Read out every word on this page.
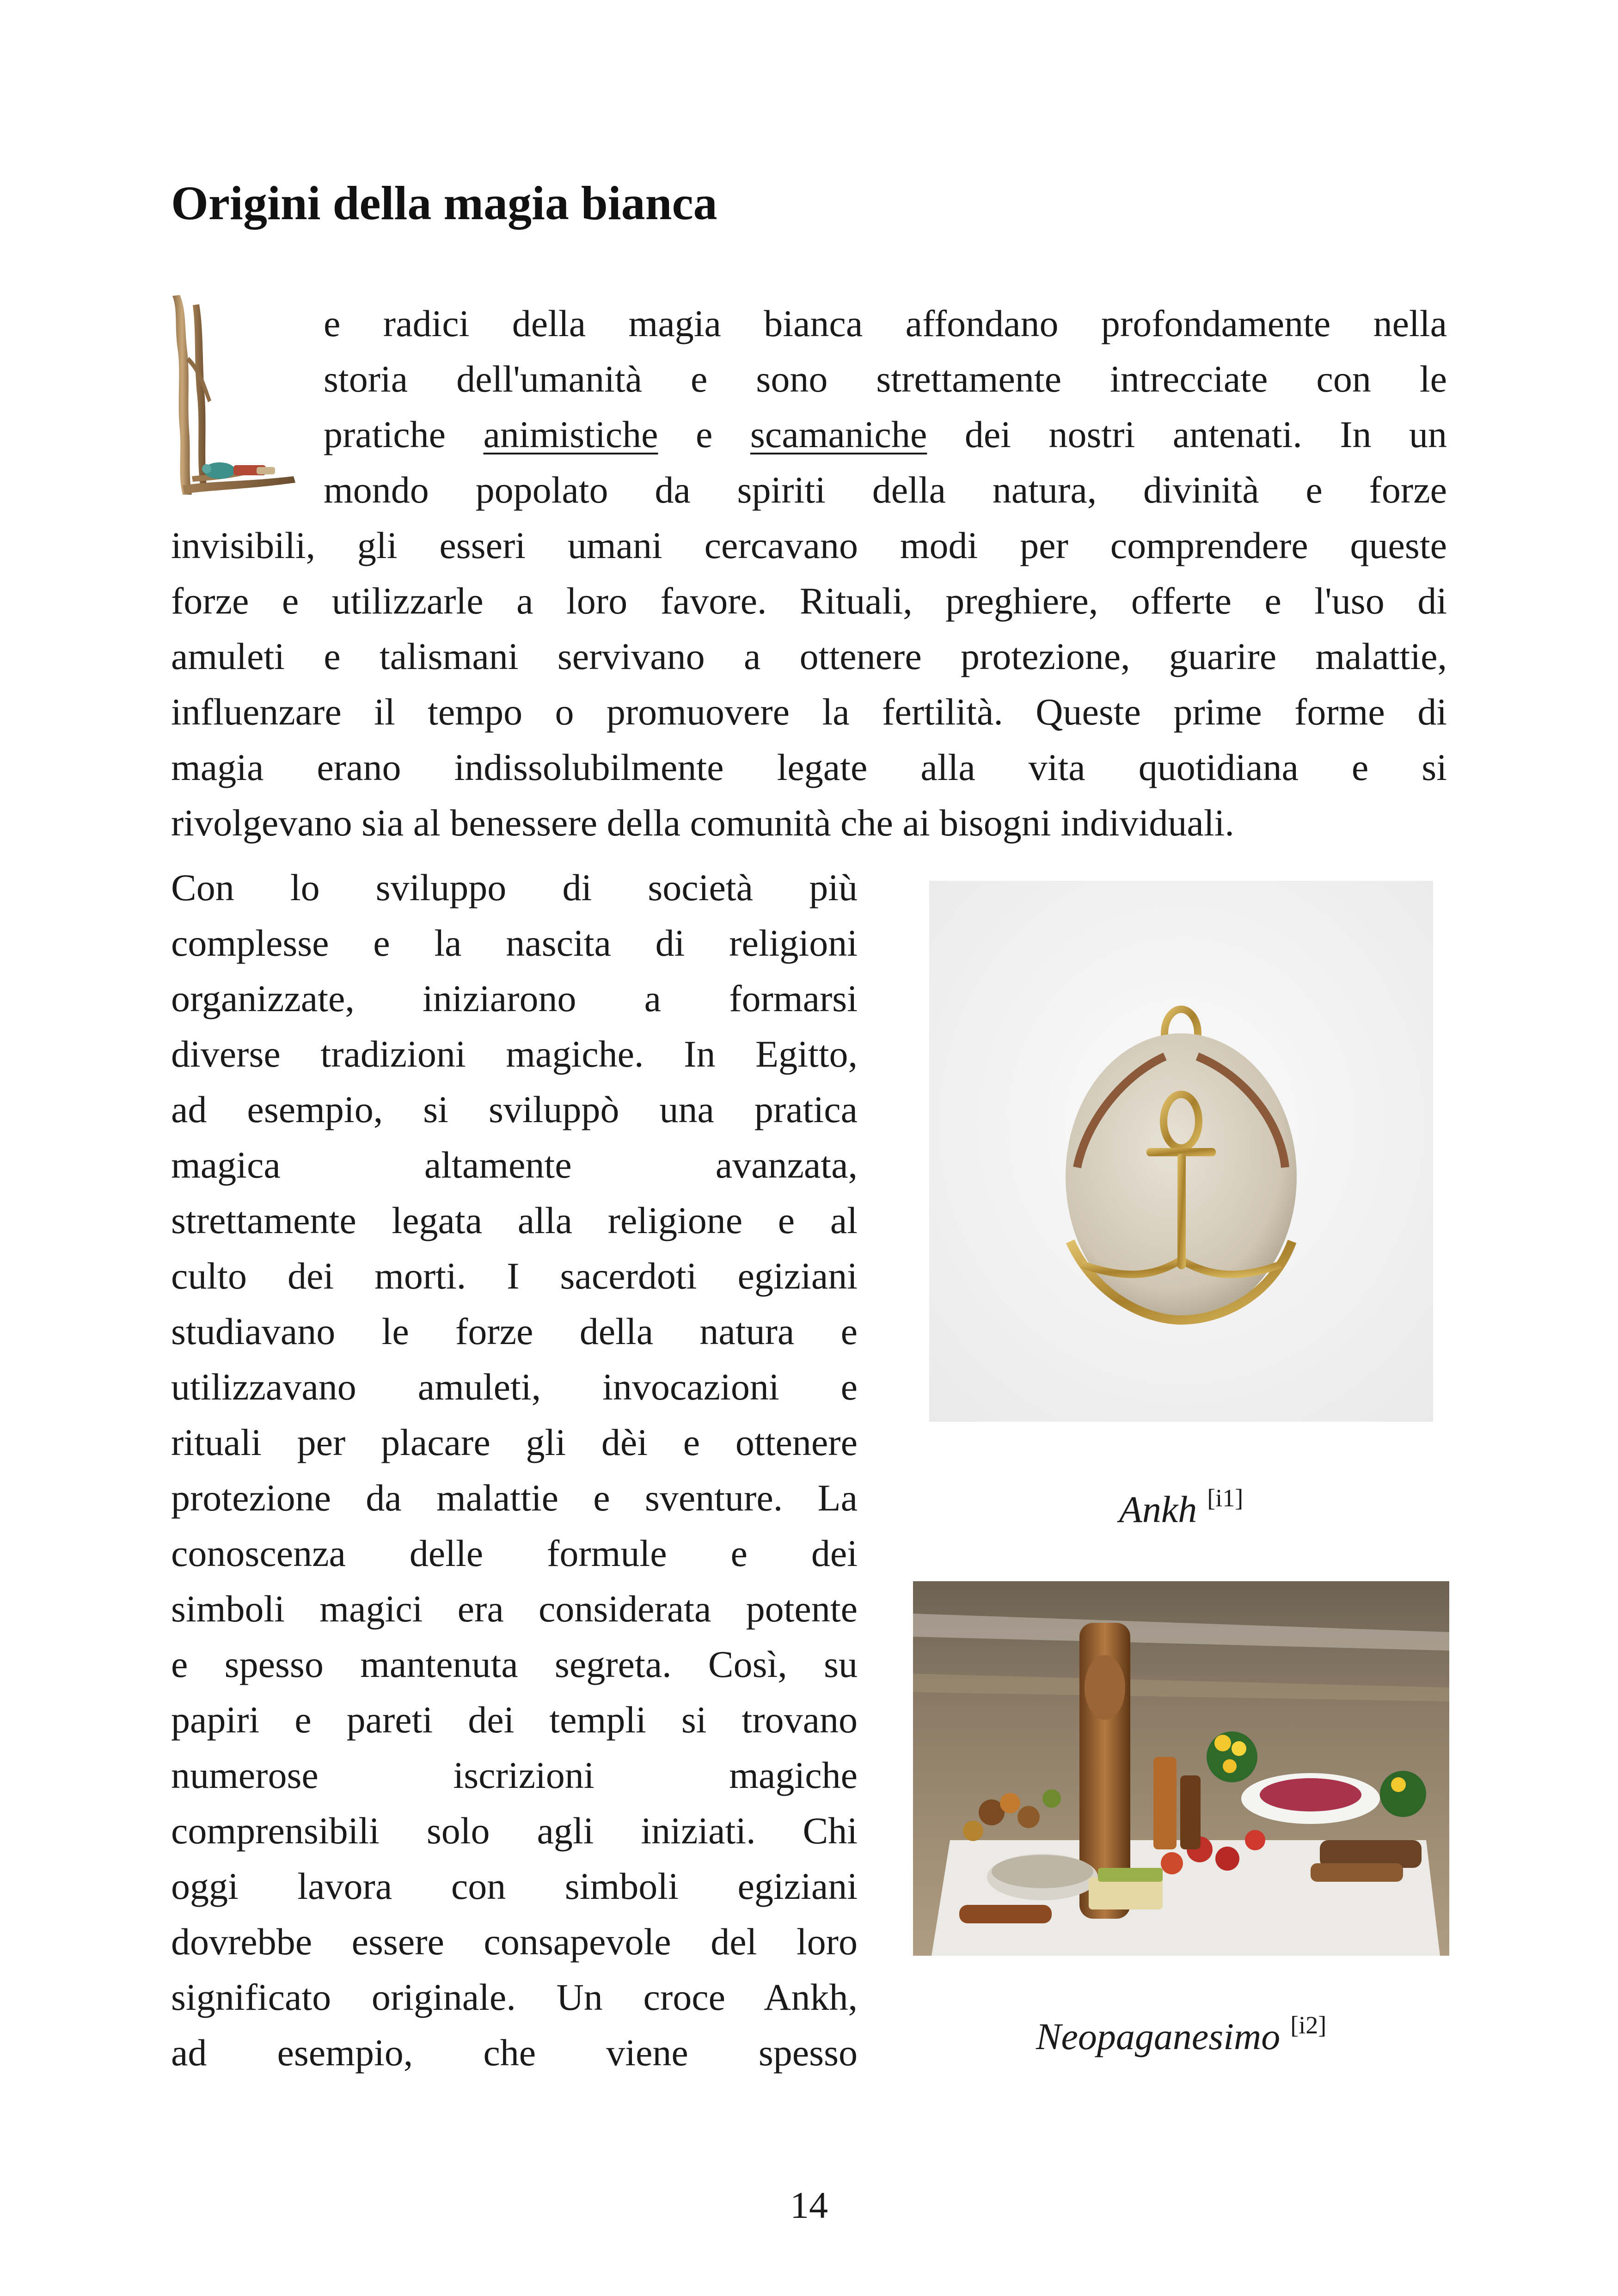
Origini della magia bianca
e radici della magia bianca affondano profondamente nella
storia dell'umanità e sono strettamente intrecciate con le
pratiche animistiche e scamaniche dei nostri antenati. In un
mondo popolato da spiriti della natura, divinità e forze
invisibili, gli esseri umani cercavano modi per comprendere queste
forze e utilizzarle a loro favore. Rituali, preghiere, offerte e l'uso di
amuleti e talismani servivano a ottenere protezione, guarire malattie,
influenzare il tempo o promuovere la fertilità. Queste prime forme di
magia erano indissolubilmente legate alla vita quotidiana e si
rivolgevano sia al benessere della comunità che ai bisogni individuali.
Con lo sviluppo di società più
complesse e la nascita di religioni
organizzate, iniziarono a formarsi
diverse tradizioni magiche. In Egitto,
ad esempio, si sviluppò una pratica
magica altamente avanzata,
strettamente legata alla religione e al
culto dei morti. I sacerdoti egiziani
studiavano le forze della natura e
utilizzavano amuleti, invocazioni e
rituali per placare gli dèi e ottenere
protezione da malattie e sventure. La
conoscenza delle formule e dei
simboli magici era considerata potente
e spesso mantenuta segreta. Così, su
papiri e pareti dei templi si trovano
numerose iscrizioni magiche
comprensibili solo agli iniziati. Chi
oggi lavora con simboli egiziani
dovrebbe essere consapevole del loro
significato originale. Un croce Ankh,
ad esempio, che viene spesso
Ankh [i1]
Neopaganesimo [i2]
14
